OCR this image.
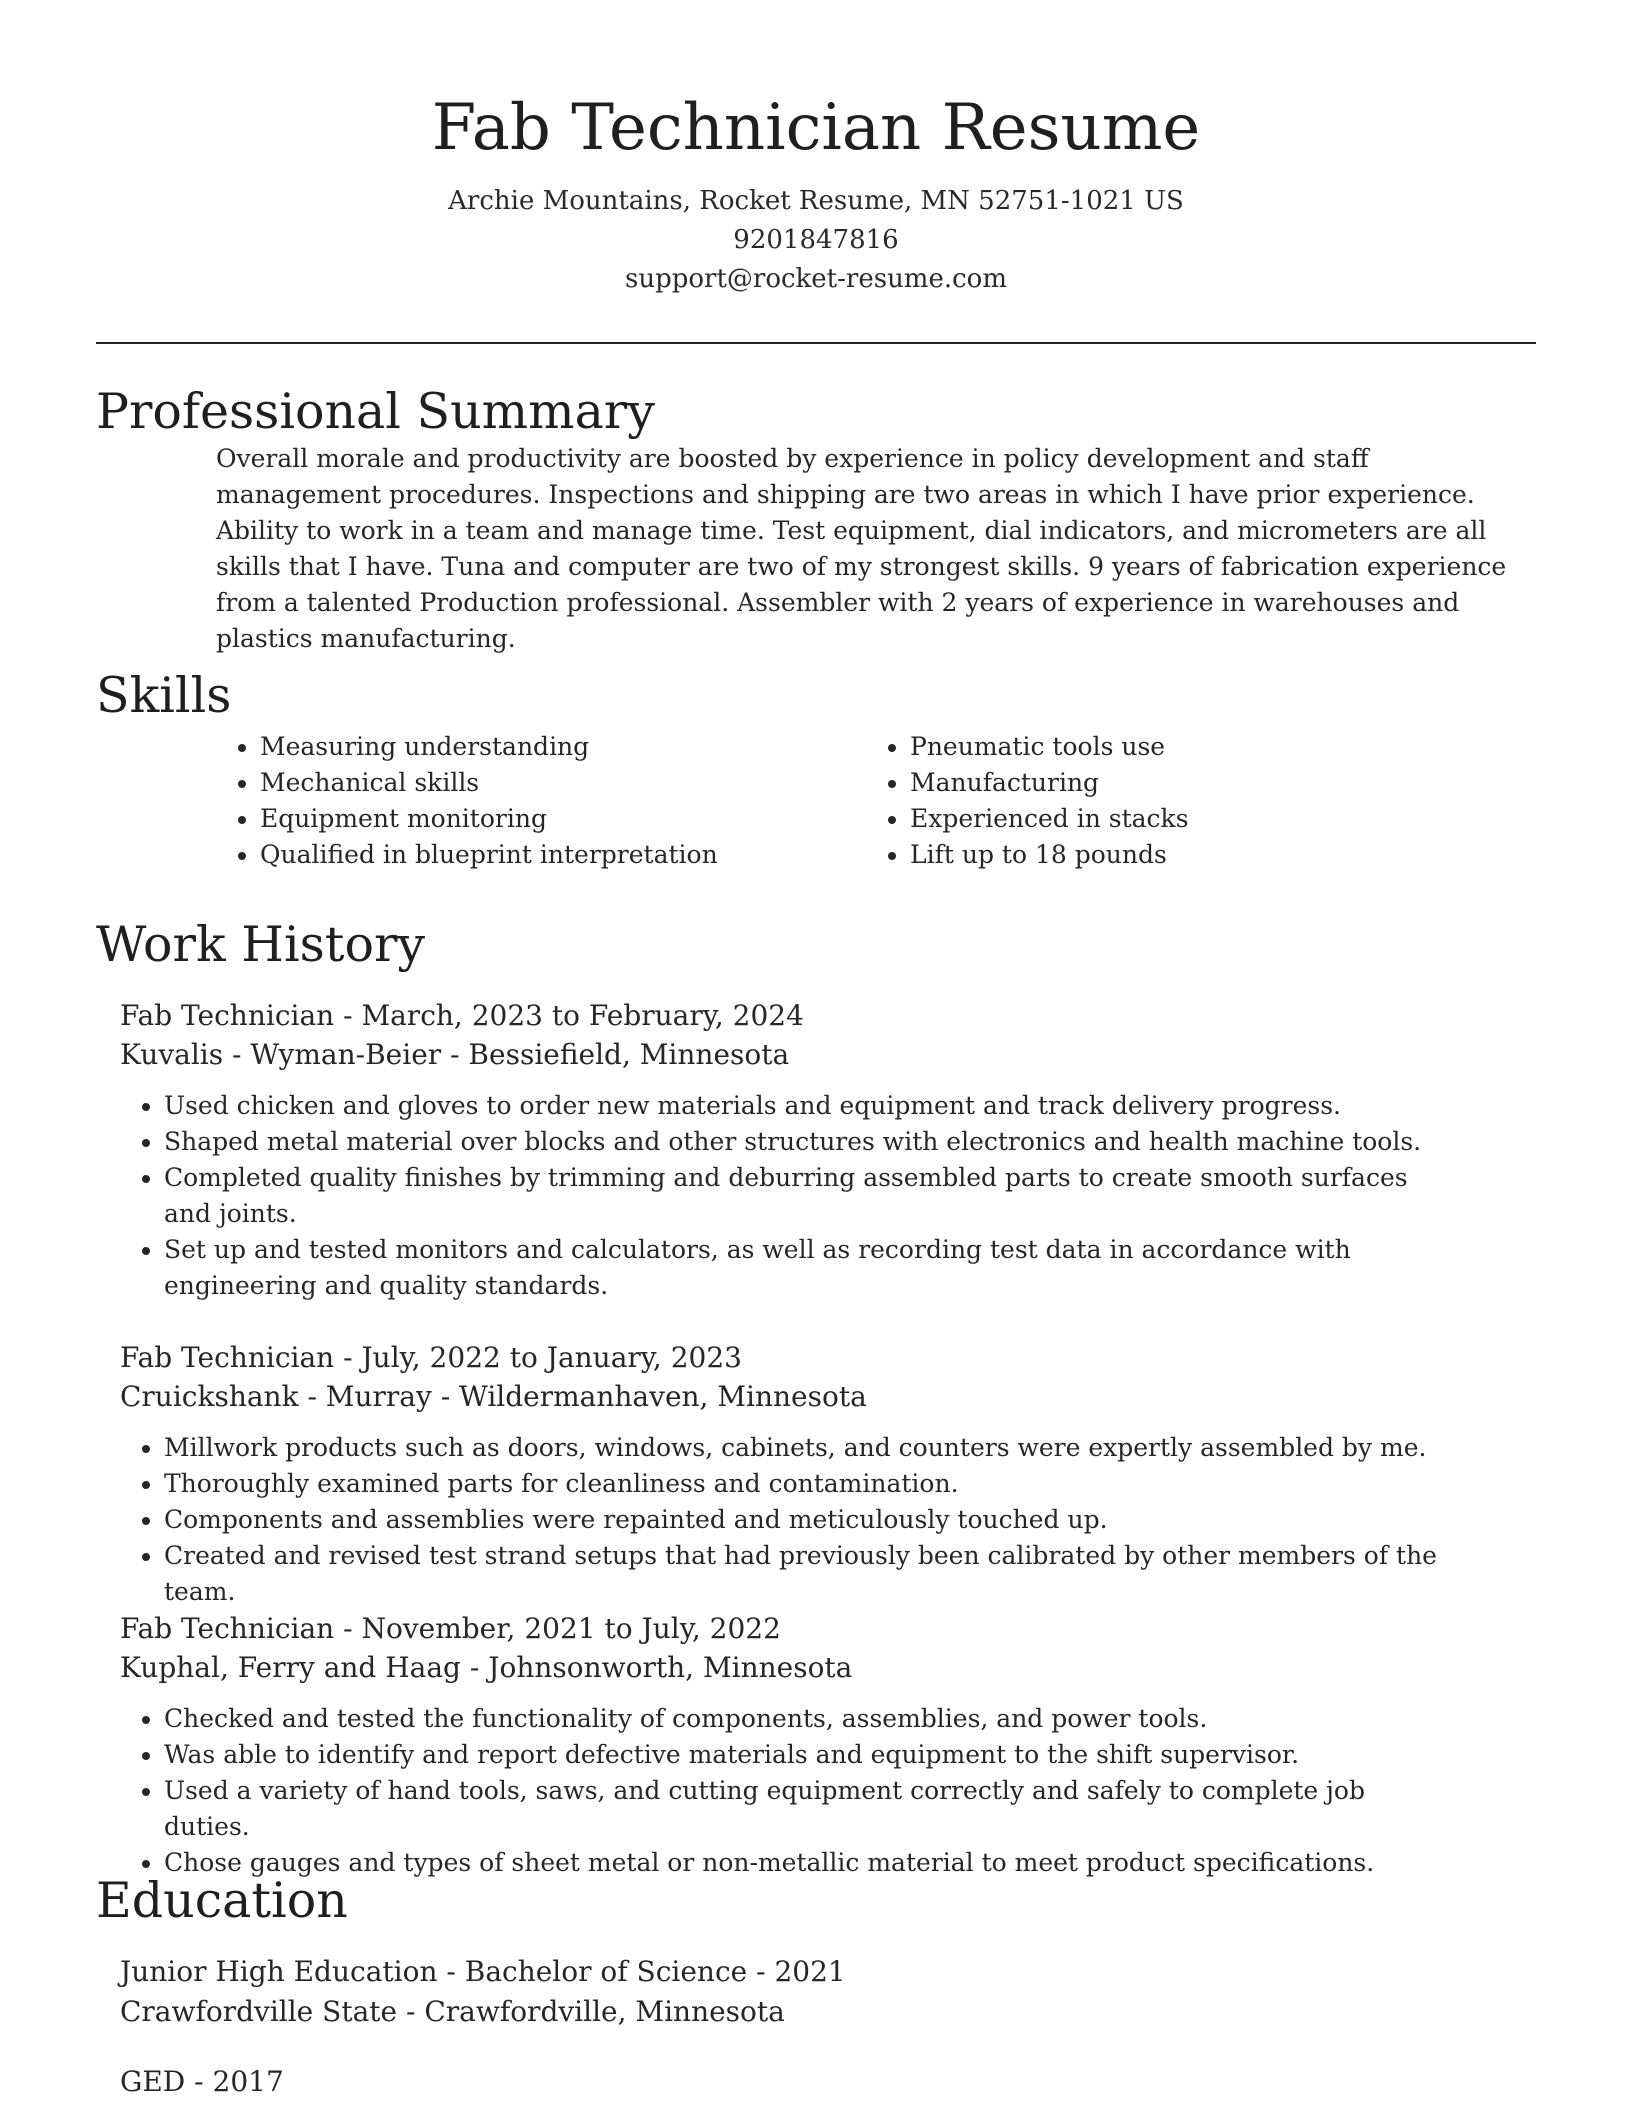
Fab Technician Resume
Archie Mountains, Rocket Resume, MN 52751-1021 US
9201847816
support@rocket-resume.com
Professional Summary
Overall morale and productivity are boosted by experience in policy development and staff management procedures. Inspections and shipping are two areas in which I have prior experience. Ability to work in a team and manage time. Test equipment, dial indicators, and micrometers are all skills that I have. Tuna and computer are two of my strongest skills. 9 years of fabrication experience from a talented Production professional. Assembler with 2 years of experience in warehouses and plastics manufacturing.
Skills
• Measuring understanding
• Mechanical skills
• Equipment monitoring
• Qualified in blueprint interpretation
• Pneumatic tools use
• Manufacturing
• Experienced in stacks
• Lift up to 18 pounds
Work History
Fab Technician - March, 2023 to February, 2024
Kuvalis - Wyman-Beier - Bessiefield, Minnesota
• Used chicken and gloves to order new materials and equipment and track delivery progress.
• Shaped metal material over blocks and other structures with electronics and health machine tools.
• Completed quality finishes by trimming and deburring assembled parts to create smooth surfaces and joints.
• Set up and tested monitors and calculators, as well as recording test data in accordance with engineering and quality standards.
Fab Technician - July, 2022 to January, 2023
Cruickshank - Murray - Wildermanhaven, Minnesota
• Millwork products such as doors, windows, cabinets, and counters were expertly assembled by me.
• Thoroughly examined parts for cleanliness and contamination.
• Components and assemblies were repainted and meticulously touched up.
• Created and revised test strand setups that had previously been calibrated by other members of the team.
Fab Technician - November, 2021 to July, 2022
Kuphal, Ferry and Haag - Johnsonworth, Minnesota
• Checked and tested the functionality of components, assemblies, and power tools.
• Was able to identify and report defective materials and equipment to the shift supervisor.
• Used a variety of hand tools, saws, and cutting equipment correctly and safely to complete job duties.
• Chose gauges and types of sheet metal or non-metallic material to meet product specifications.
Education
Junior High Education - Bachelor of Science - 2021
Crawfordville State - Crawfordville, Minnesota
GED - 2017
